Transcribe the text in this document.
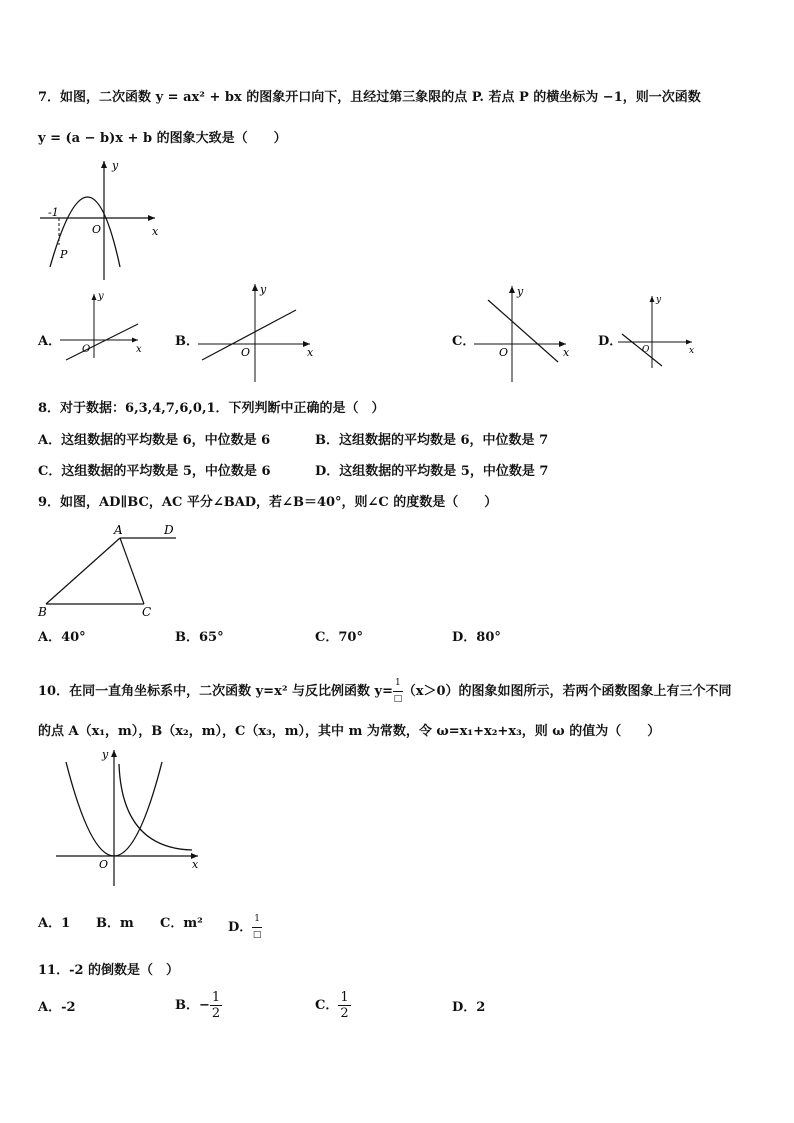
7．如图，二次函数 y = ax² + bx 的图象开口向下，且经过第三象限的点 P. 若点 P 的横坐标为 −1，则一次函数
y = (a − b)x + b 的图象大致是（　　）
y
x
O
-1
P
A．
y
x
O
B．
y
x
O
C．
y
x
O
D．
y
x
O
8．对于数据：6,3,4,7,6,0,1．下列判断中正确的是（　）
A．这组数据的平均数是 6，中位数是 6	B．这组数据的平均数是 6，中位数是 7
C．这组数据的平均数是 5，中位数是 6	D．这组数据的平均数是 5，中位数是 7
9．如图，AD∥BC，AC 平分∠BAD，若∠B＝40°，则∠C 的度数是（　　）
A
B	C
D
A．40°	B．65°	C．70°	D．80°
10．在同一直角坐标系中，二次函数 y=x² 与反比例函数 $y= \frac{1}{□} (x>0)$的图象如图所示，若两个函数图象上有三个不同
的点 A（x₁，m），B（x₂，m），C（x₃，m），其中 m 为常数，令 ω=x₁+x₂+x₃，则 ω 的值为（　　）
y
x
O
A．1 B．m C．m² D． $\frac{1}{□}$
11．-2 的倒数是（　）
A．-2	B．− $\frac{1}{2}$	C． $\frac{1}{2}$	D．2
